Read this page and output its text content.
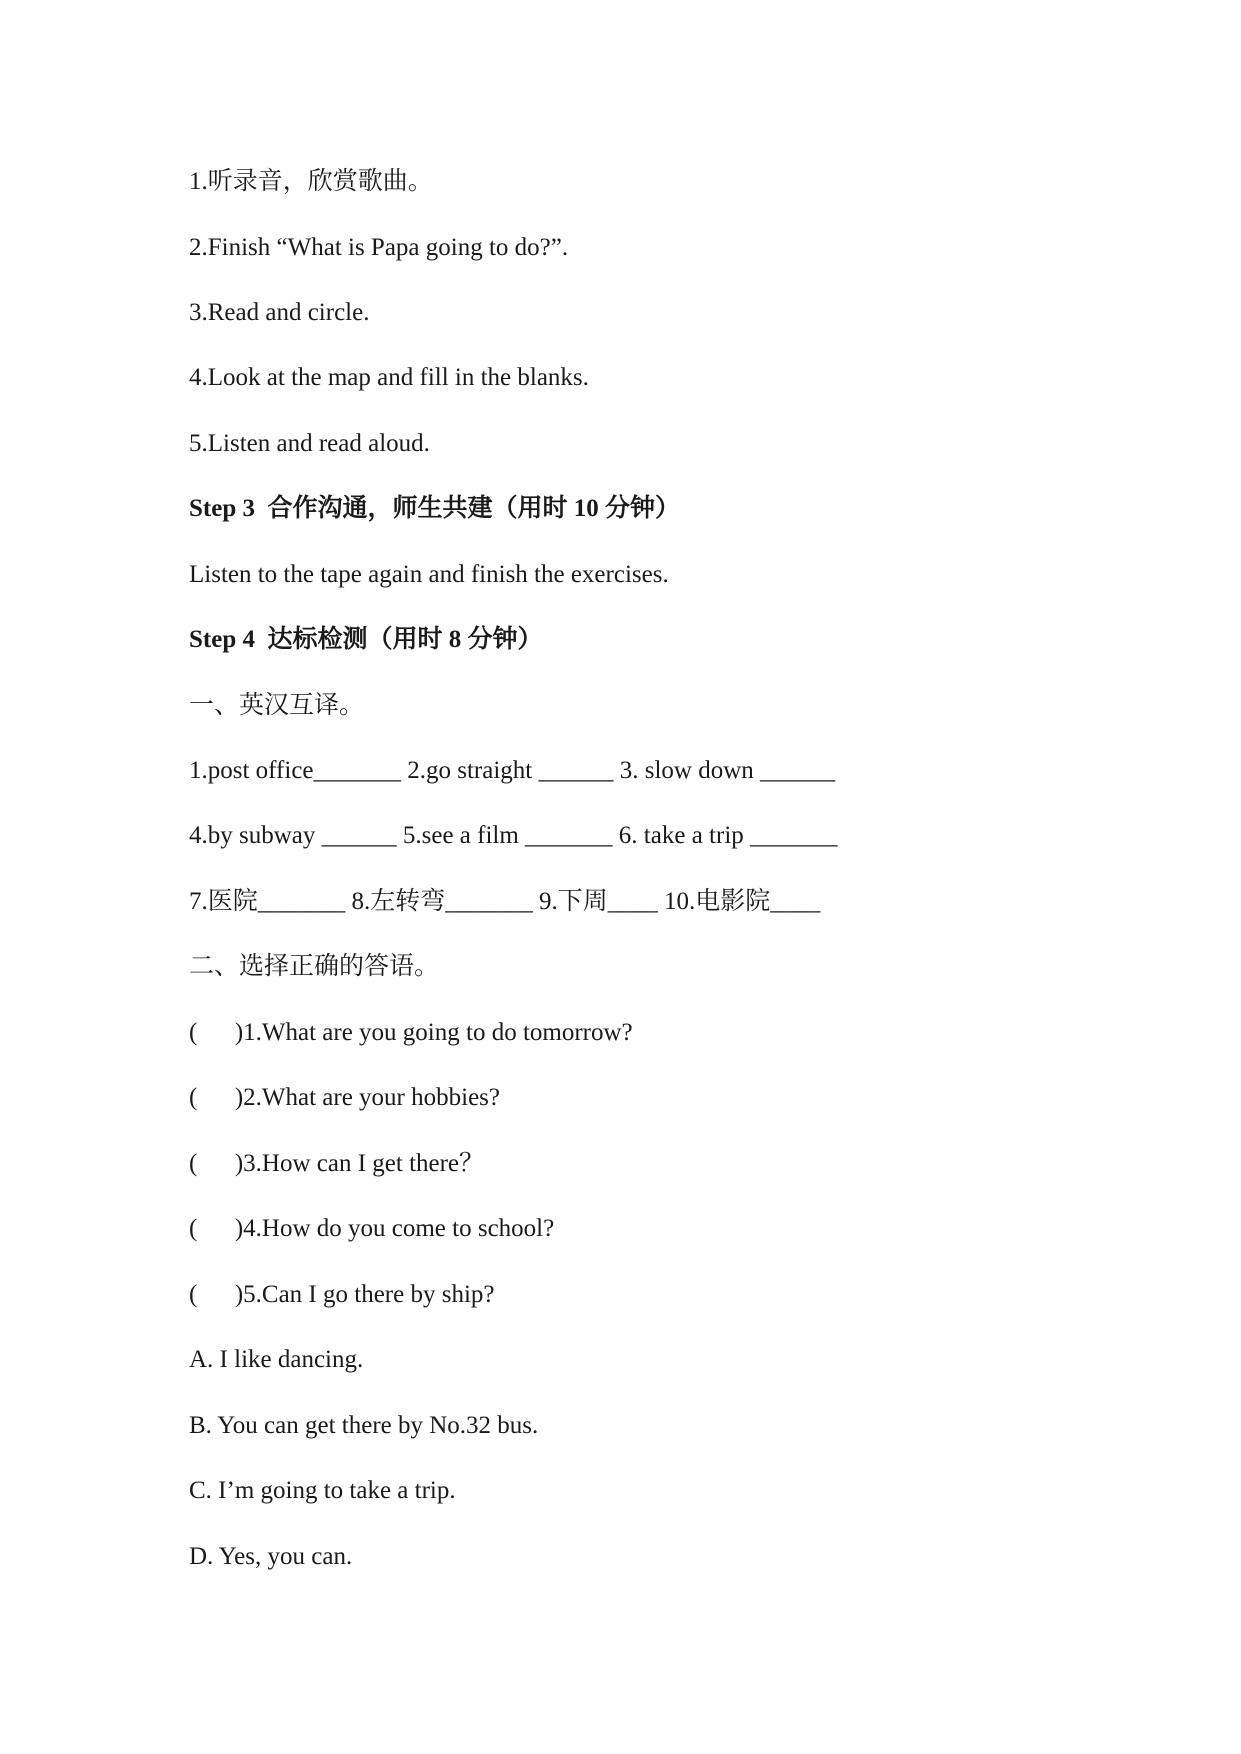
1.听录音，欣赏歌曲。
2.Finish “What is Papa going to do?”.
3.Read and circle.
4.Look at the map and fill in the blanks.
5.Listen and read aloud.
Step 3  合作沟通，师生共建（用时 10 分钟）
Listen to the tape again and finish the exercises.
Step 4  达标检测（用时 8 分钟）
一、英汉互译。
1.post office_______ 2.go straight ______ 3. slow down ______
4.by subway ______ 5.see a film _______ 6. take a trip _______
7.医院_______ 8.左转弯_______ 9.下周____ 10.电影院____
二、选择正确的答语。
(      )1.What are you going to do tomorrow?
(      )2.What are your hobbies?
(      )3.How can I get there？
(      )4.How do you come to school?
(      )5.Can I go there by ship?
A. I like dancing.
B. You can get there by No.32 bus.
C. I’m going to take a trip.
D. Yes, you can.
